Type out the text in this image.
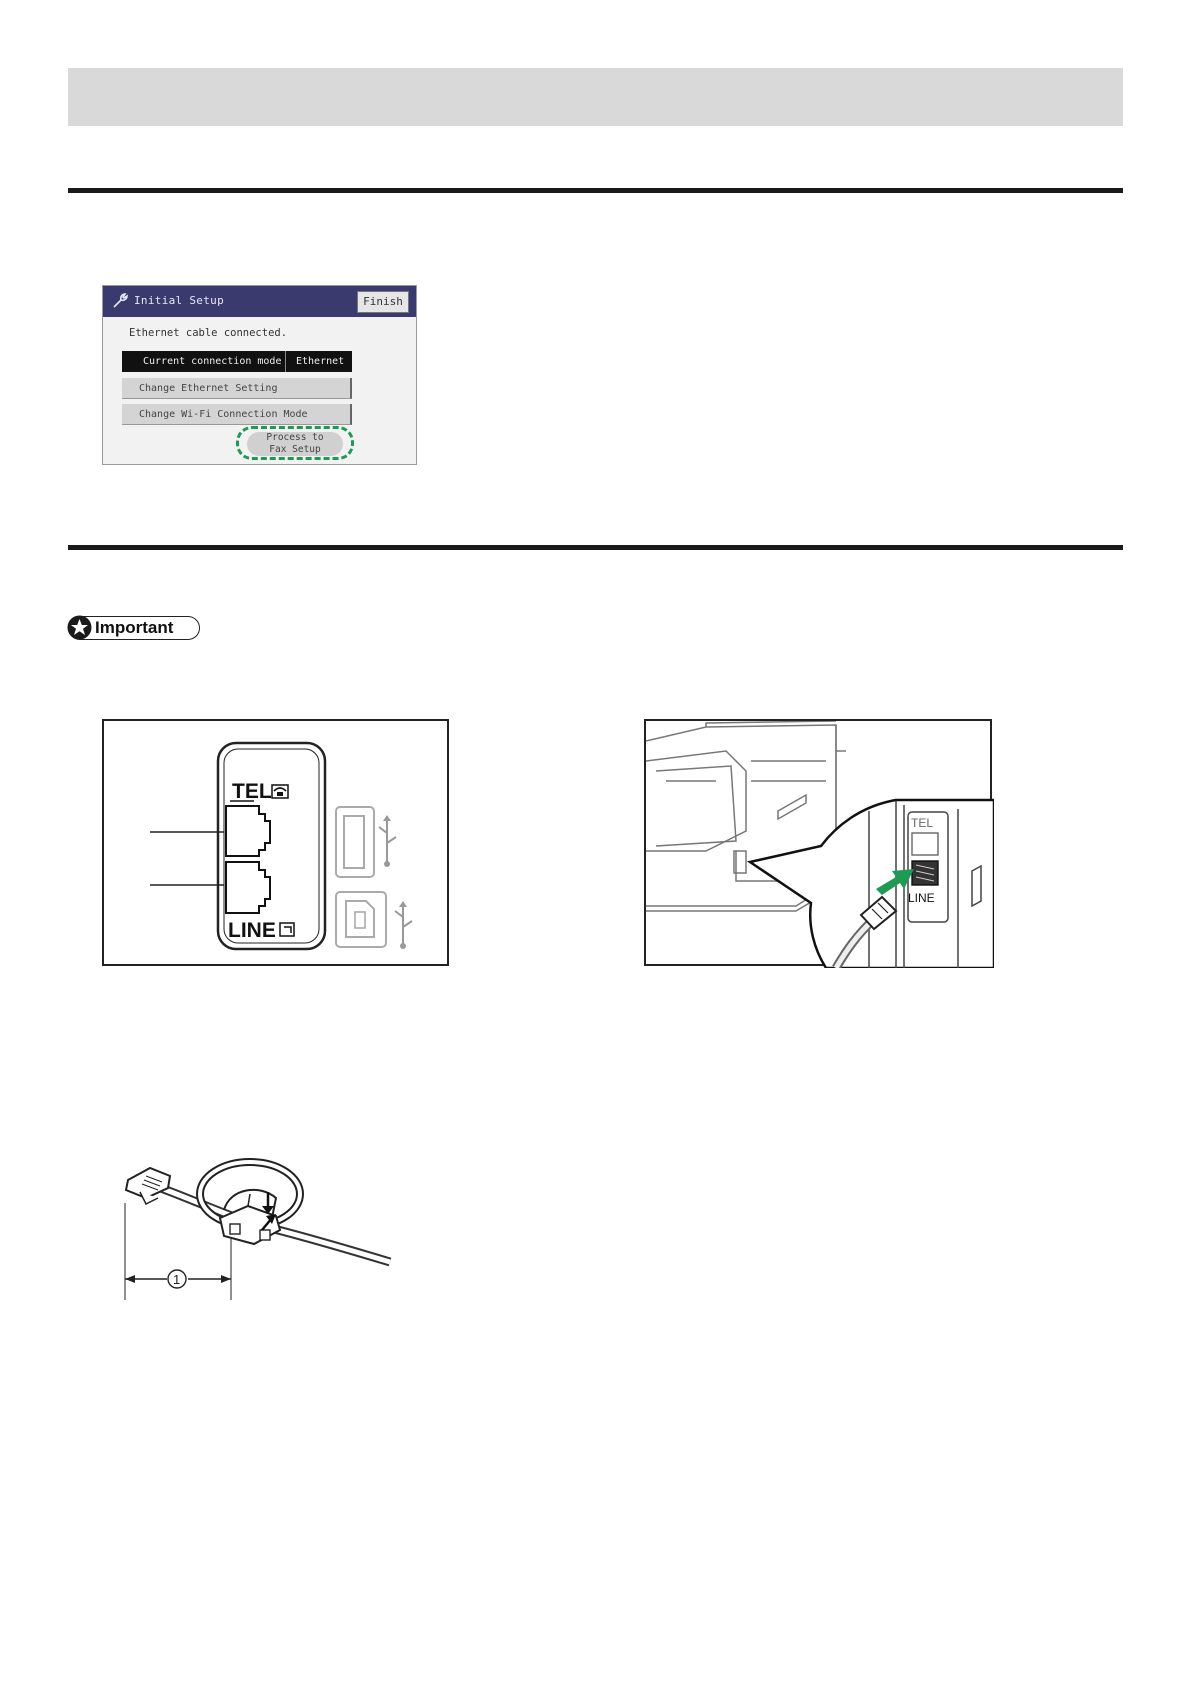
Initial Setup	Finish
Ethernet cable connected.
Current connection mode Ethernet
Change Ethernet Setting
Change Wi-Fi Connection Mode
Process to
Fax Setup
Important
TEL
LINE
TEL
LINE
1
